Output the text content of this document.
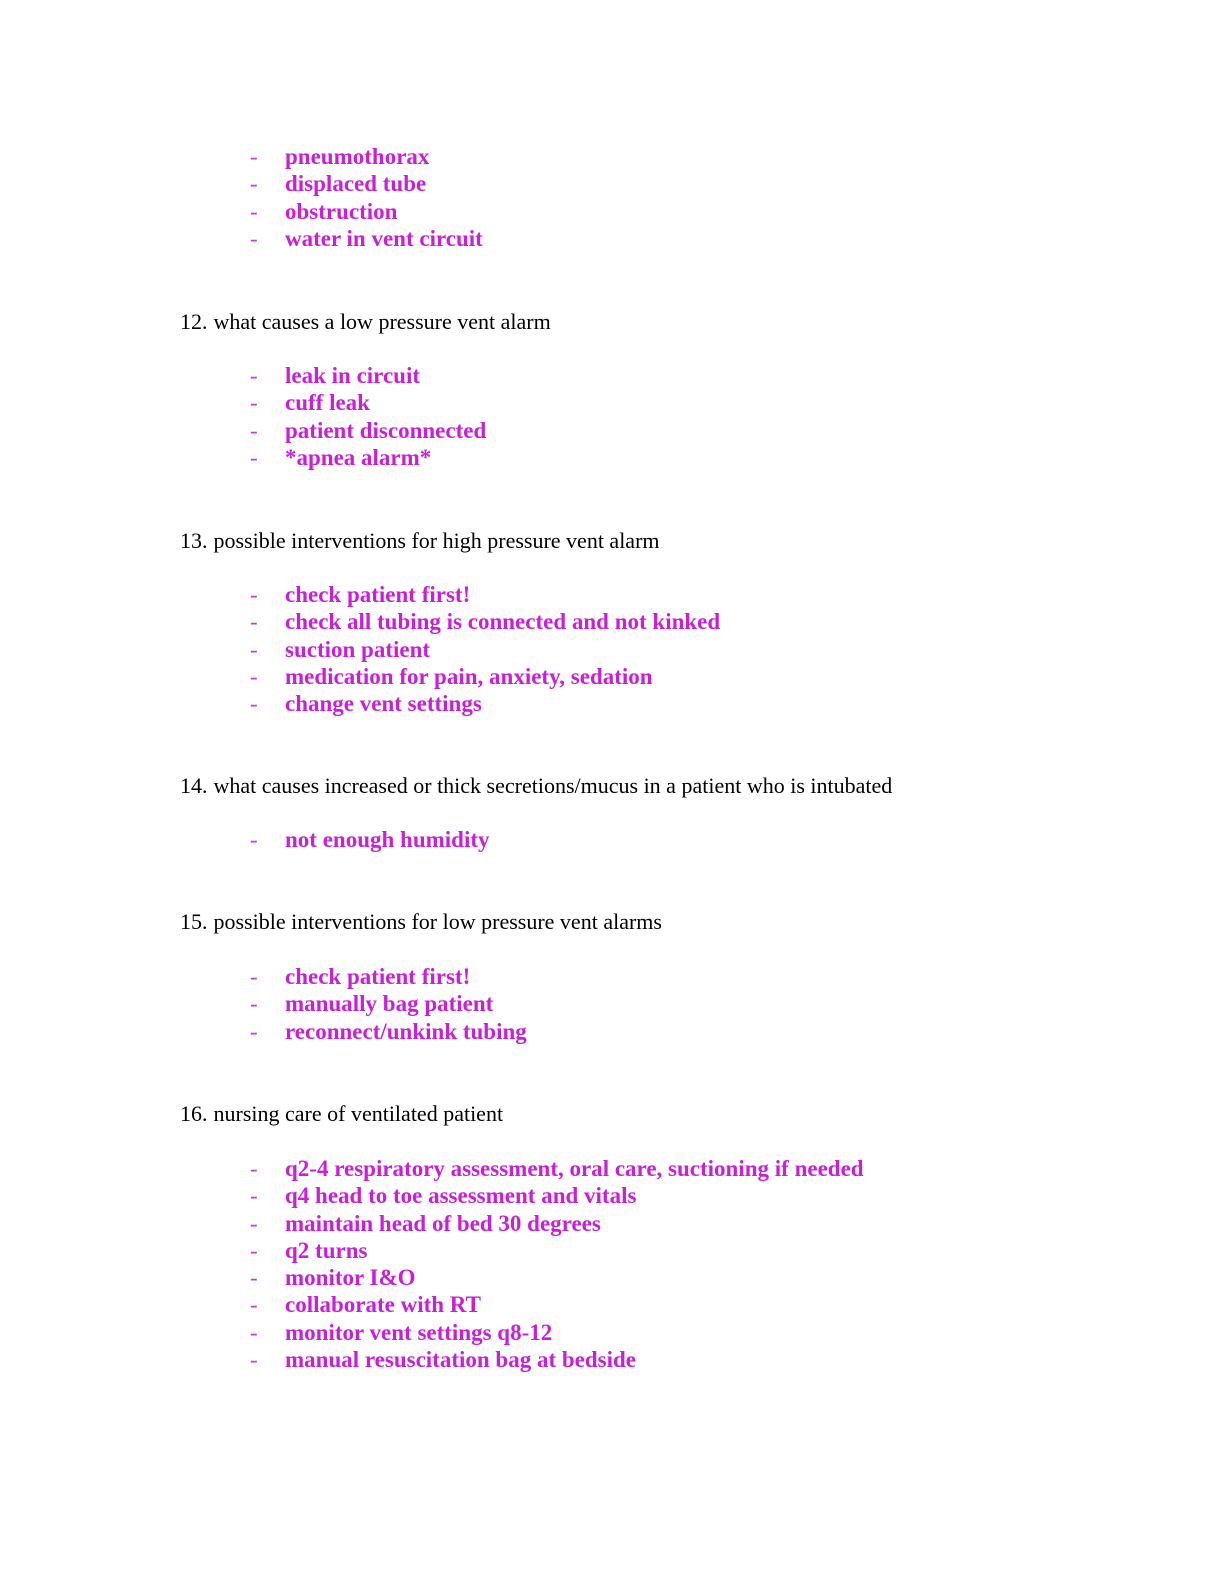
- pneumothorax
- displaced tube
- obstruction
- water in vent circuit
12. what causes a low pressure vent alarm
- leak in circuit
- cuff leak
- patient disconnected
- *apnea alarm*
13. possible interventions for high pressure vent alarm
- check patient first!
- check all tubing is connected and not kinked
- suction patient
- medication for pain, anxiety, sedation
- change vent settings
14. what causes increased or thick secretions/mucus in a patient who is intubated
- not enough humidity
15. possible interventions for low pressure vent alarms
- check patient first!
- manually bag patient
- reconnect/unkink tubing
16. nursing care of ventilated patient
- q2-4 respiratory assessment, oral care, suctioning if needed
- q4 head to toe assessment and vitals
- maintain head of bed 30 degrees
- q2 turns
- monitor I&O
- collaborate with RT
- monitor vent settings q8-12
- manual resuscitation bag at bedside
